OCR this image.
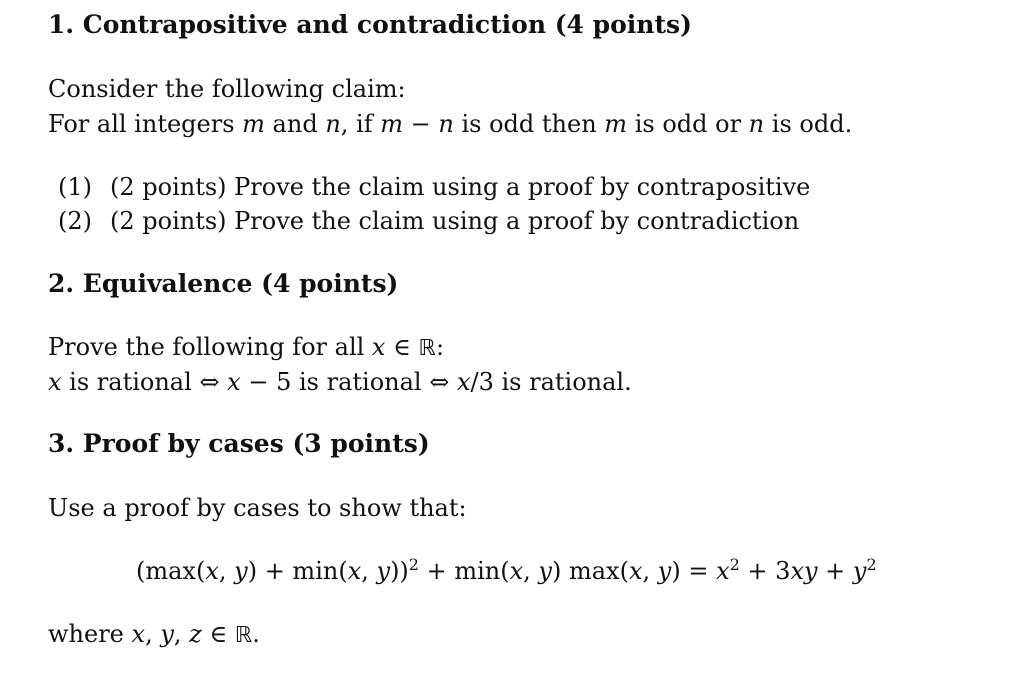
1. Contrapositive and contradiction (4 points)
Consider the following claim:
For all integers m and n, if m − n is odd then m is odd or n is odd.
(1) (2 points) Prove the claim using a proof by contrapositive
(2) (2 points) Prove the claim using a proof by contradiction
2. Equivalence (4 points)
Prove the following for all x ∈ ℝ:
x is rational ⇔ x − 5 is rational ⇔ x/3 is rational.
3. Proof by cases (3 points)
Use a proof by cases to show that:
(max(x, y) + min(x, y))$^2$ + min(x, y) max(x, $y) = x^2 + 3xy + y^2$
where x, y, z ∈ ℝ.
